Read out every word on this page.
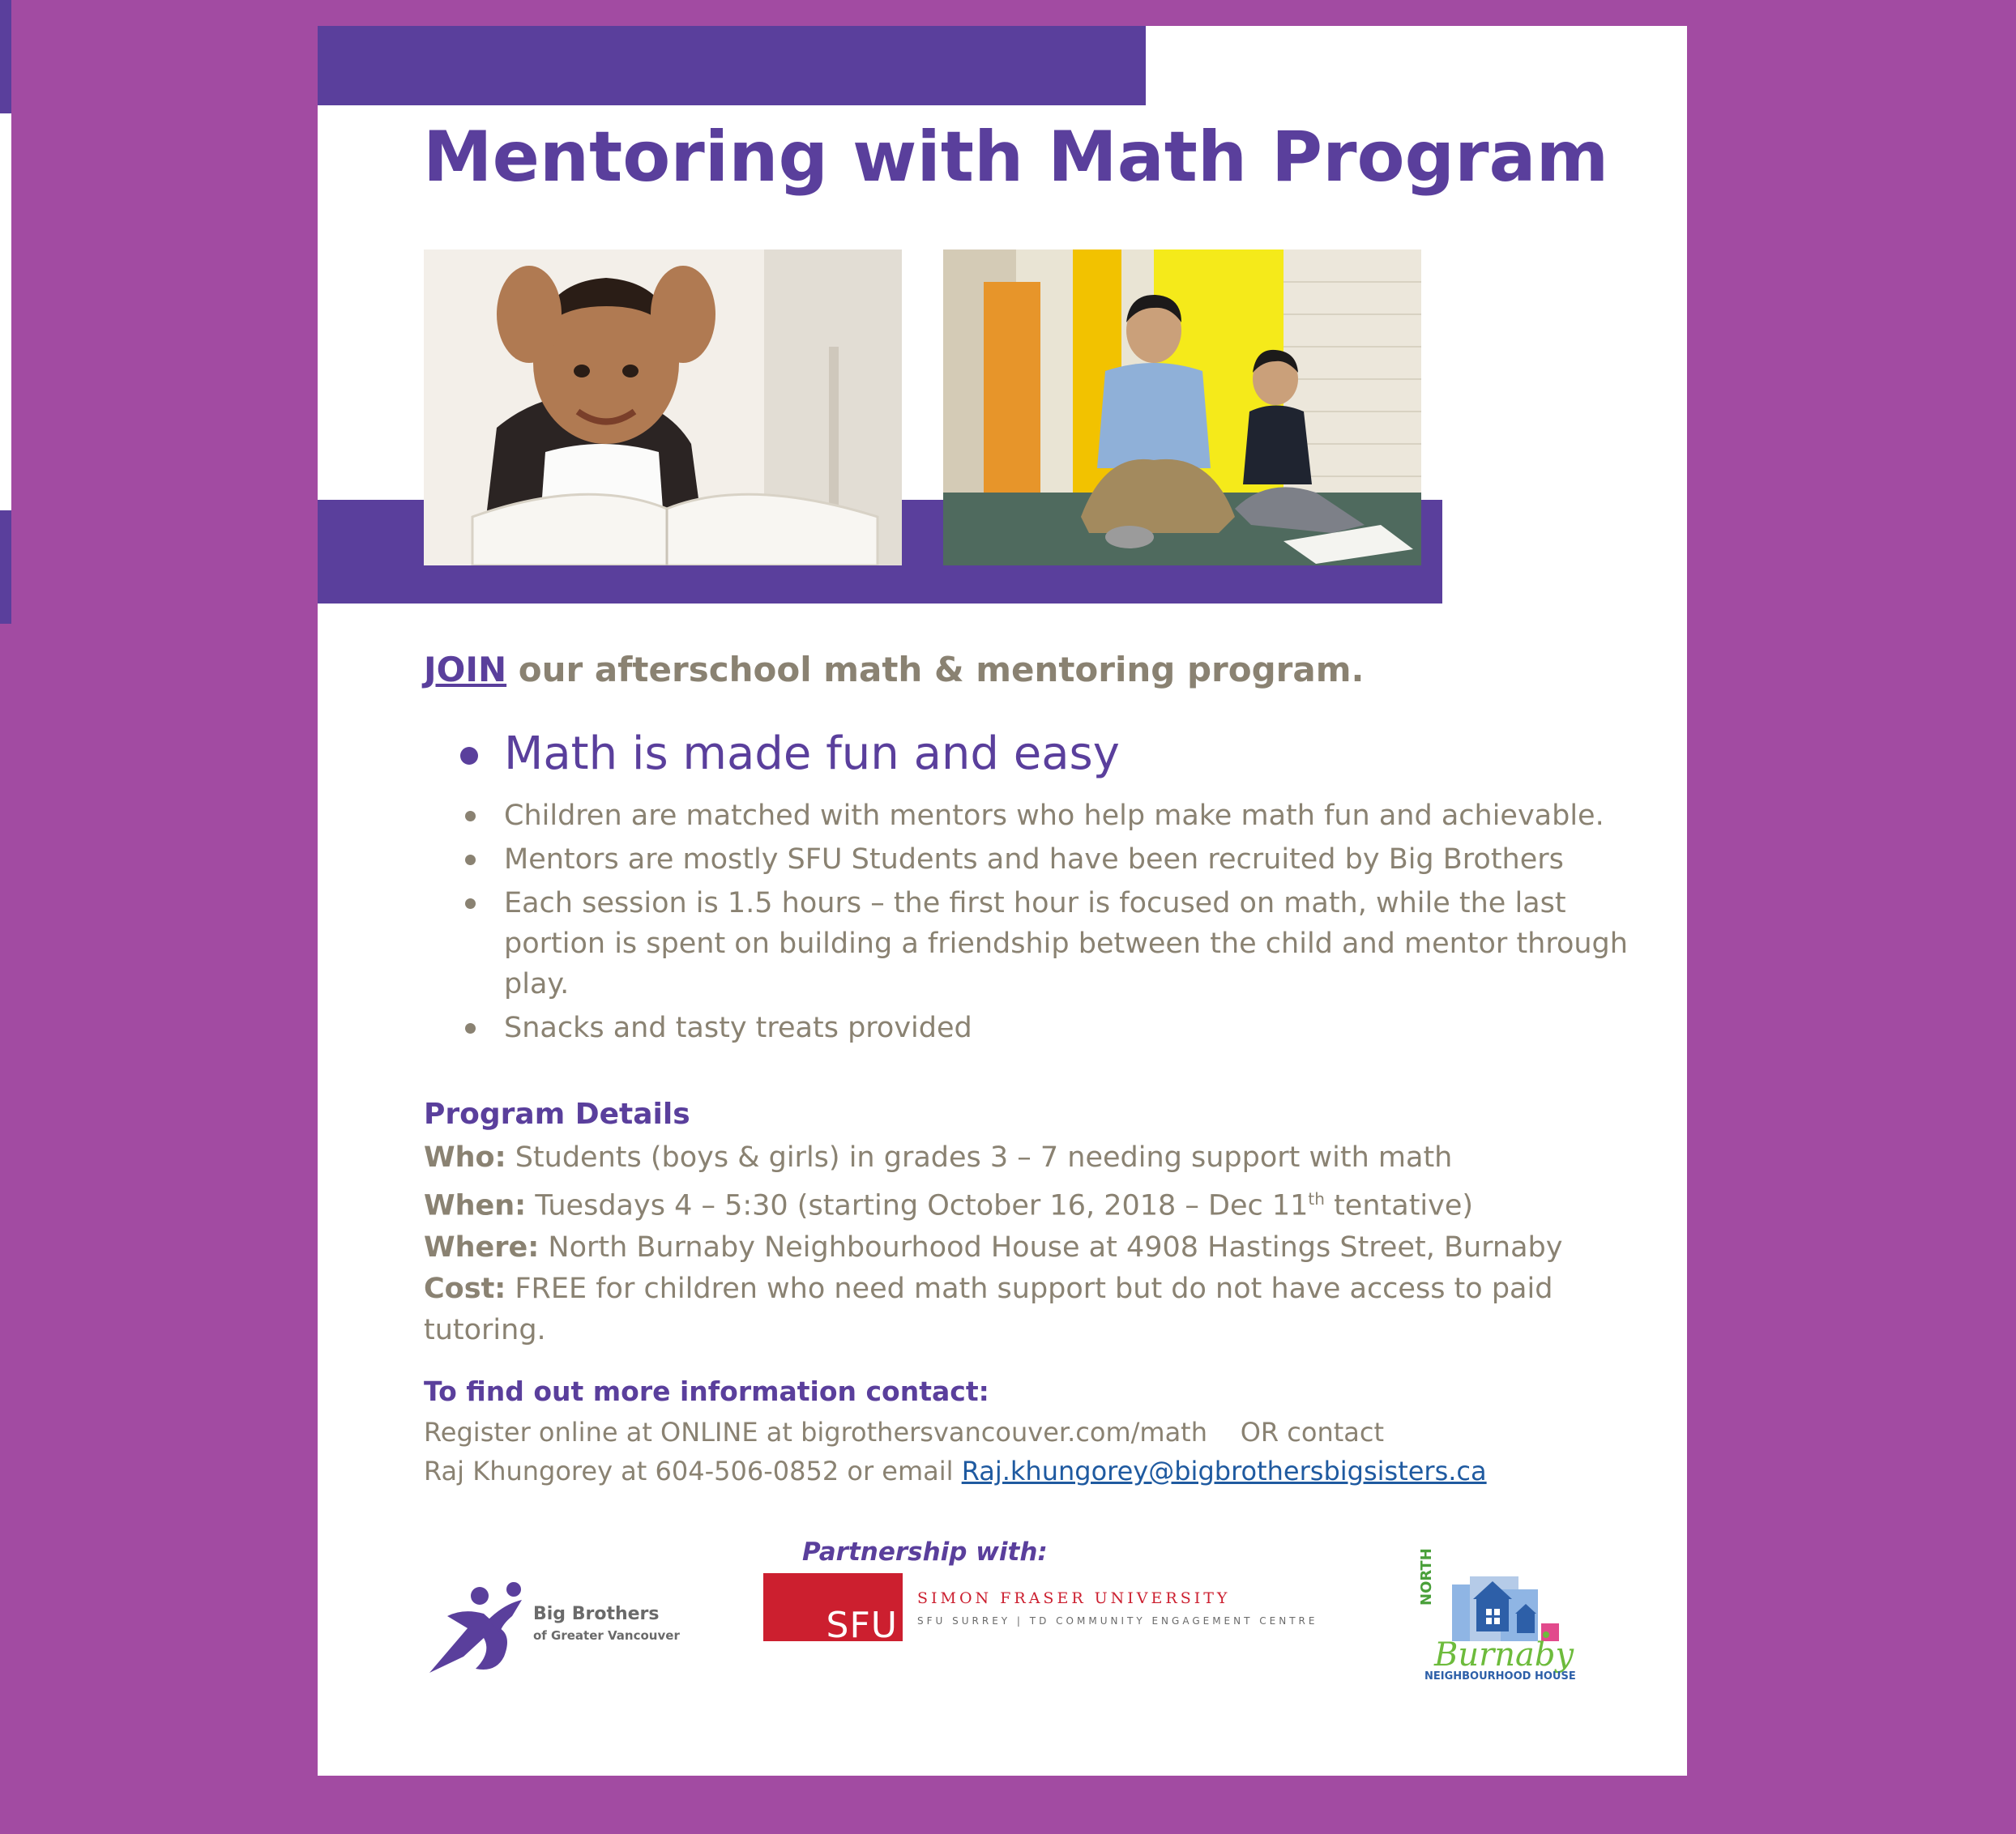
Mentoring with Math Program

JOIN our afterschool math & mentoring program.

Math is made fun and easy
Children are matched with mentors who help make math fun and achievable.
Mentors are mostly SFU Students and have been recruited by Big Brothers
Each session is 1.5 hours – the first hour is focused on math, while the last portion is spent on building a friendship between the child and mentor through play.
Snacks and tasty treats provided

Program Details

Who: Students (boys & girls) in grades 3 – 7 needing support with math

When: Tuesdays 4 – 5:30 (starting October 16, 2018 – Dec 11th tentative)

Where: North Burnaby Neighbourhood House at 4908 Hastings Street, Burnaby

Cost: FREE for children who need math support but do not have access to paid tutoring.

To find out more information contact:

Register online at ONLINE at bigrothersvancouver.com/math    OR contact

Raj Khungorey at 604-506-0852 or email Raj.khungorey@bigbrothersbigsisters.ca

Partnership with:

Big Brothers
of Greater Vancouver	SFU
SIMON FRASER UNIVERSITY
SFU SURREY | TD COMMUNITY ENGAGEMENT CENTRE
NORTH
Burnaby
NEIGHBOURHOOD HOUSE
